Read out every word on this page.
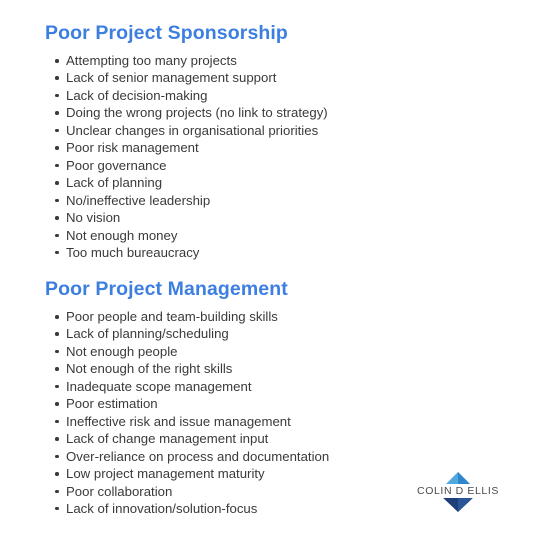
Poor Project Sponsorship
Attempting too many projects
Lack of senior management support
Lack of decision-making
Doing the wrong projects (no link to strategy)
Unclear changes in organisational priorities
Poor risk management
Poor governance
Lack of planning
No/ineffective leadership
No vision
Not enough money
Too much bureaucracy
Poor Project Management
Poor people and team-building skills
Lack of planning/scheduling
Not enough people
Not enough of the right skills
Inadequate scope management
Poor estimation
Ineffective risk and issue management
Lack of change management input
Over-reliance on process and documentation
Low project management maturity
Poor collaboration
Lack of innovation/solution-focus
COLIN D ELLIS
